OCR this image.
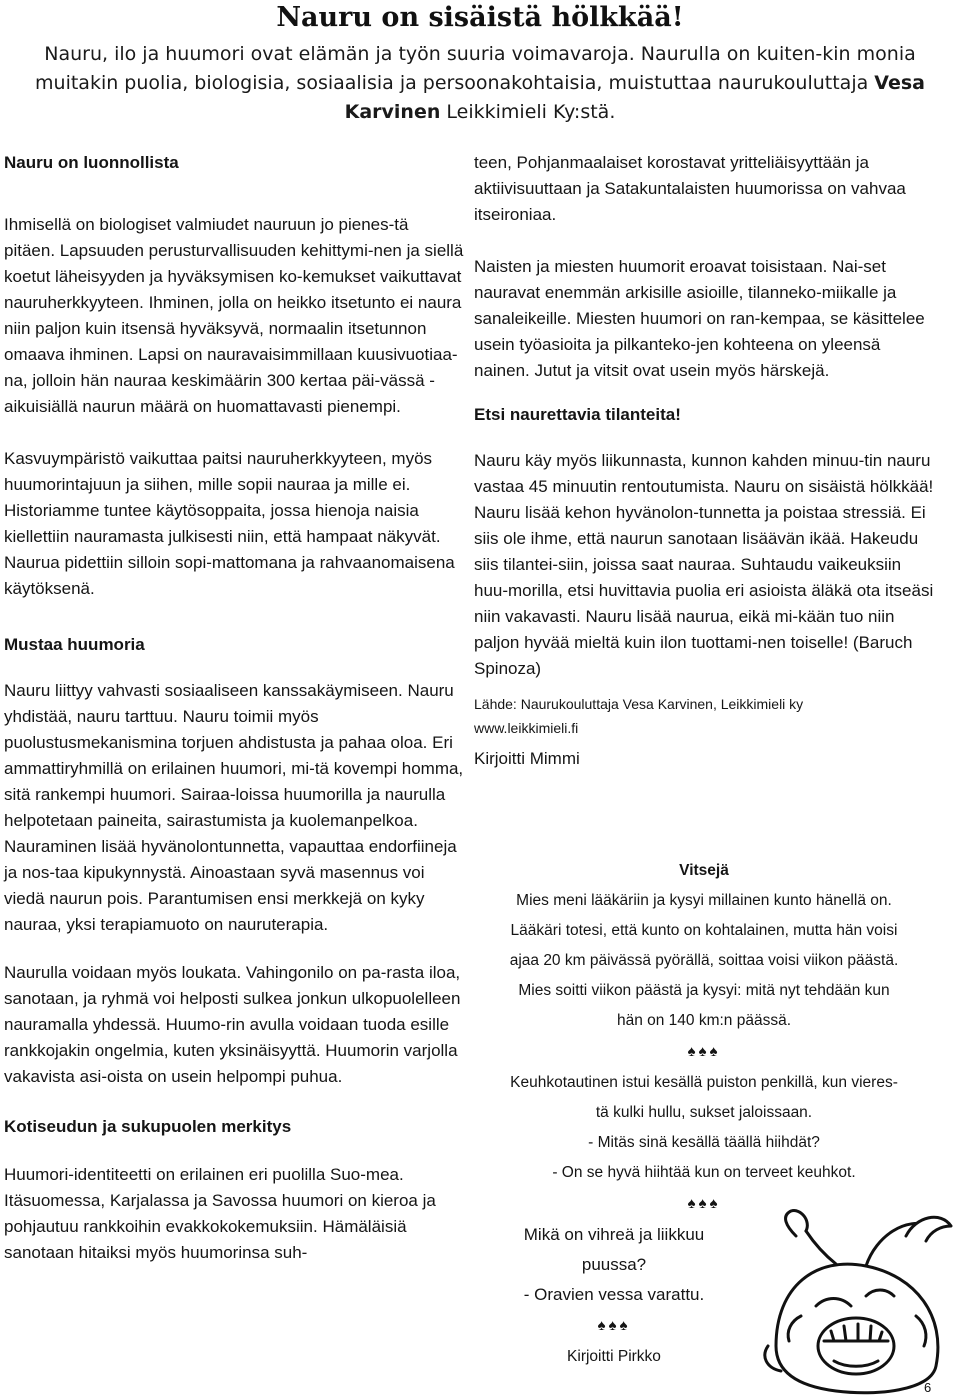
Nauru on sisäistä hölkkää!
Nauru, ilo ja huumori ovat elämän ja työn suuria voimavaroja. Naurulla on kuiten-kin monia muitakin puolia, biologisia, sosiaalisia ja persoonakohtaisia, muistuttaa naurukouluttaja Vesa Karvinen Leikkimieli Ky:stä.
Nauru on luonnollista

Ihmisellä on biologiset valmiudet nauruun jo pienes-tä pitäen. Lapsuuden perusturvallisuuden kehittymi-nen ja siellä koetut läheisyyden ja hyväksymisen ko-kemukset vaikuttavat nauruherkkyyteen. Ihminen, jolla on heikko itsetunto ei naura niin paljon kuin itsensä hyväksyvä, normaalin itsetunnon omaava ihminen. Lapsi on nauravaisimmillaan kuusivuotiaa-na, jolloin hän nauraa keskimäärin 300 kertaa päi-vässä - aikuisiällä naurun määrä on huomattavasti pienempi.

Kasvuympäristö vaikuttaa paitsi nauruherkkyyteen, myös huumorintajuun ja siihen, mille sopii nauraa ja mille ei. Historiamme tuntee käytösoppaita, jossa hienoja naisia kiellettiin nauramasta julkisesti niin, että hampaat näkyvät. Naurua pidettiin silloin sopi-mattomana ja rahvaanomaisena käytöksenä.

Mustaa huumoria

Nauru liittyy vahvasti sosiaaliseen kanssakäymiseen. Nauru yhdistää, nauru tarttuu. Nauru toimii myös puolustusmekanismina torjuen ahdistusta ja pahaa oloa. Eri ammattiryhmillä on erilainen huumori, mi-tä kovempi homma, sitä rankempi huumori. Sairaa-loissa huumorilla ja naurulla helpotetaan paineita, sairastumista ja kuolemanpelkoa. Nauraminen lisää hyvänolontunnetta, vapauttaa endorfiineja ja nos-taa kipukynnystä. Ainoastaan syvä masennus voi viedä naurun pois. Parantumisen ensi merkkejä on kyky nauraa, yksi terapiamuoto on nauruterapia.

Naurulla voidaan myös loukata. Vahingonilo on pa-rasta iloa, sanotaan, ja ryhmä voi helposti sulkea jonkun ulkopuolelleen nauramalla yhdessä. Huumo-rin avulla voidaan tuoda esille rankkojakin ongelmia, kuten yksinäisyyttä. Huumorin varjolla vakavista asi-oista on usein helpompi puhua.

Kotiseudun ja sukupuolen merkitys

Huumori-identiteetti on erilainen eri puolilla Suo-mea. Itäsuomessa, Karjalassa ja Savossa huumori on kieroa ja pohjautuu rankkoihin evakkokokemuksiin. Hämäläisiä sanotaan hitaiksi myös huumorinsa suh-

teen, Pohjanmaalaiset korostavat yritteliäisyyttään ja aktiivisuuttaan ja Satakuntalaisten huumorissa on vahvaa itseironiaa.

Naisten ja miesten huumorit eroavat toisistaan. Nai-set nauravat enemmän arkisille asioille, tilanneko-miikalle ja sanaleikeille. Miesten huumori on ran-kempaa, se käsittelee usein työasioita ja pilkanteko-jen kohteena on yleensä nainen. Jutut ja vitsit ovat usein myös härskejä.

Etsi naurettavia tilanteita!

Nauru käy myös liikunnasta, kunnon kahden minuu-tin nauru vastaa 45 minuutin rentoutumista. Nauru on sisäistä hölkkää! Nauru lisää kehon hyvänolon-tunnetta ja poistaa stressiä. Ei siis ole ihme, että naurun sanotaan lisäävän ikää. Hakeudu siis tilantei-siin, joissa saat nauraa. Suhtaudu vaikeuksiin huu-morilla, etsi huvittavia puolia eri asioista äläkä ota itseäsi niin vakavasti. Nauru lisää naurua, eikä mi-kään tuo niin paljon hyvää mieltä kuin ilon tuottami-nen toiselle! (Baruch Spinoza)

Lähde: Naurukouluttaja Vesa Karvinen, Leikkimieli ky

www.leikkimieli.fi

Kirjoitti Mimmi

Vitsejä
Mies meni lääkäriin ja kysyi millainen kunto hänellä on.
Lääkäri totesi, että kunto on kohtalainen, mutta hän voisi
ajaa 20 km päivässä pyörällä, soittaa voisi viikon päästä.
Mies soitti viikon päästä ja kysyi: mitä nyt tehdään kun
hän on 140 km:n päässä.
♠♠♠
Keuhkotautinen istui kesällä puiston penkillä, kun vieres-
tä kulki hullu, sukset jaloissaan.
- Mitäs sinä kesällä täällä hiihdät?
- On se hyvä hiihtää kun on terveet keuhkot.
♠♠♠
Mikä on vihreä ja liikkuu
puussa?
- Oravien vessa varattu.
♠♠♠
Kirjoitti Pirkko
6
